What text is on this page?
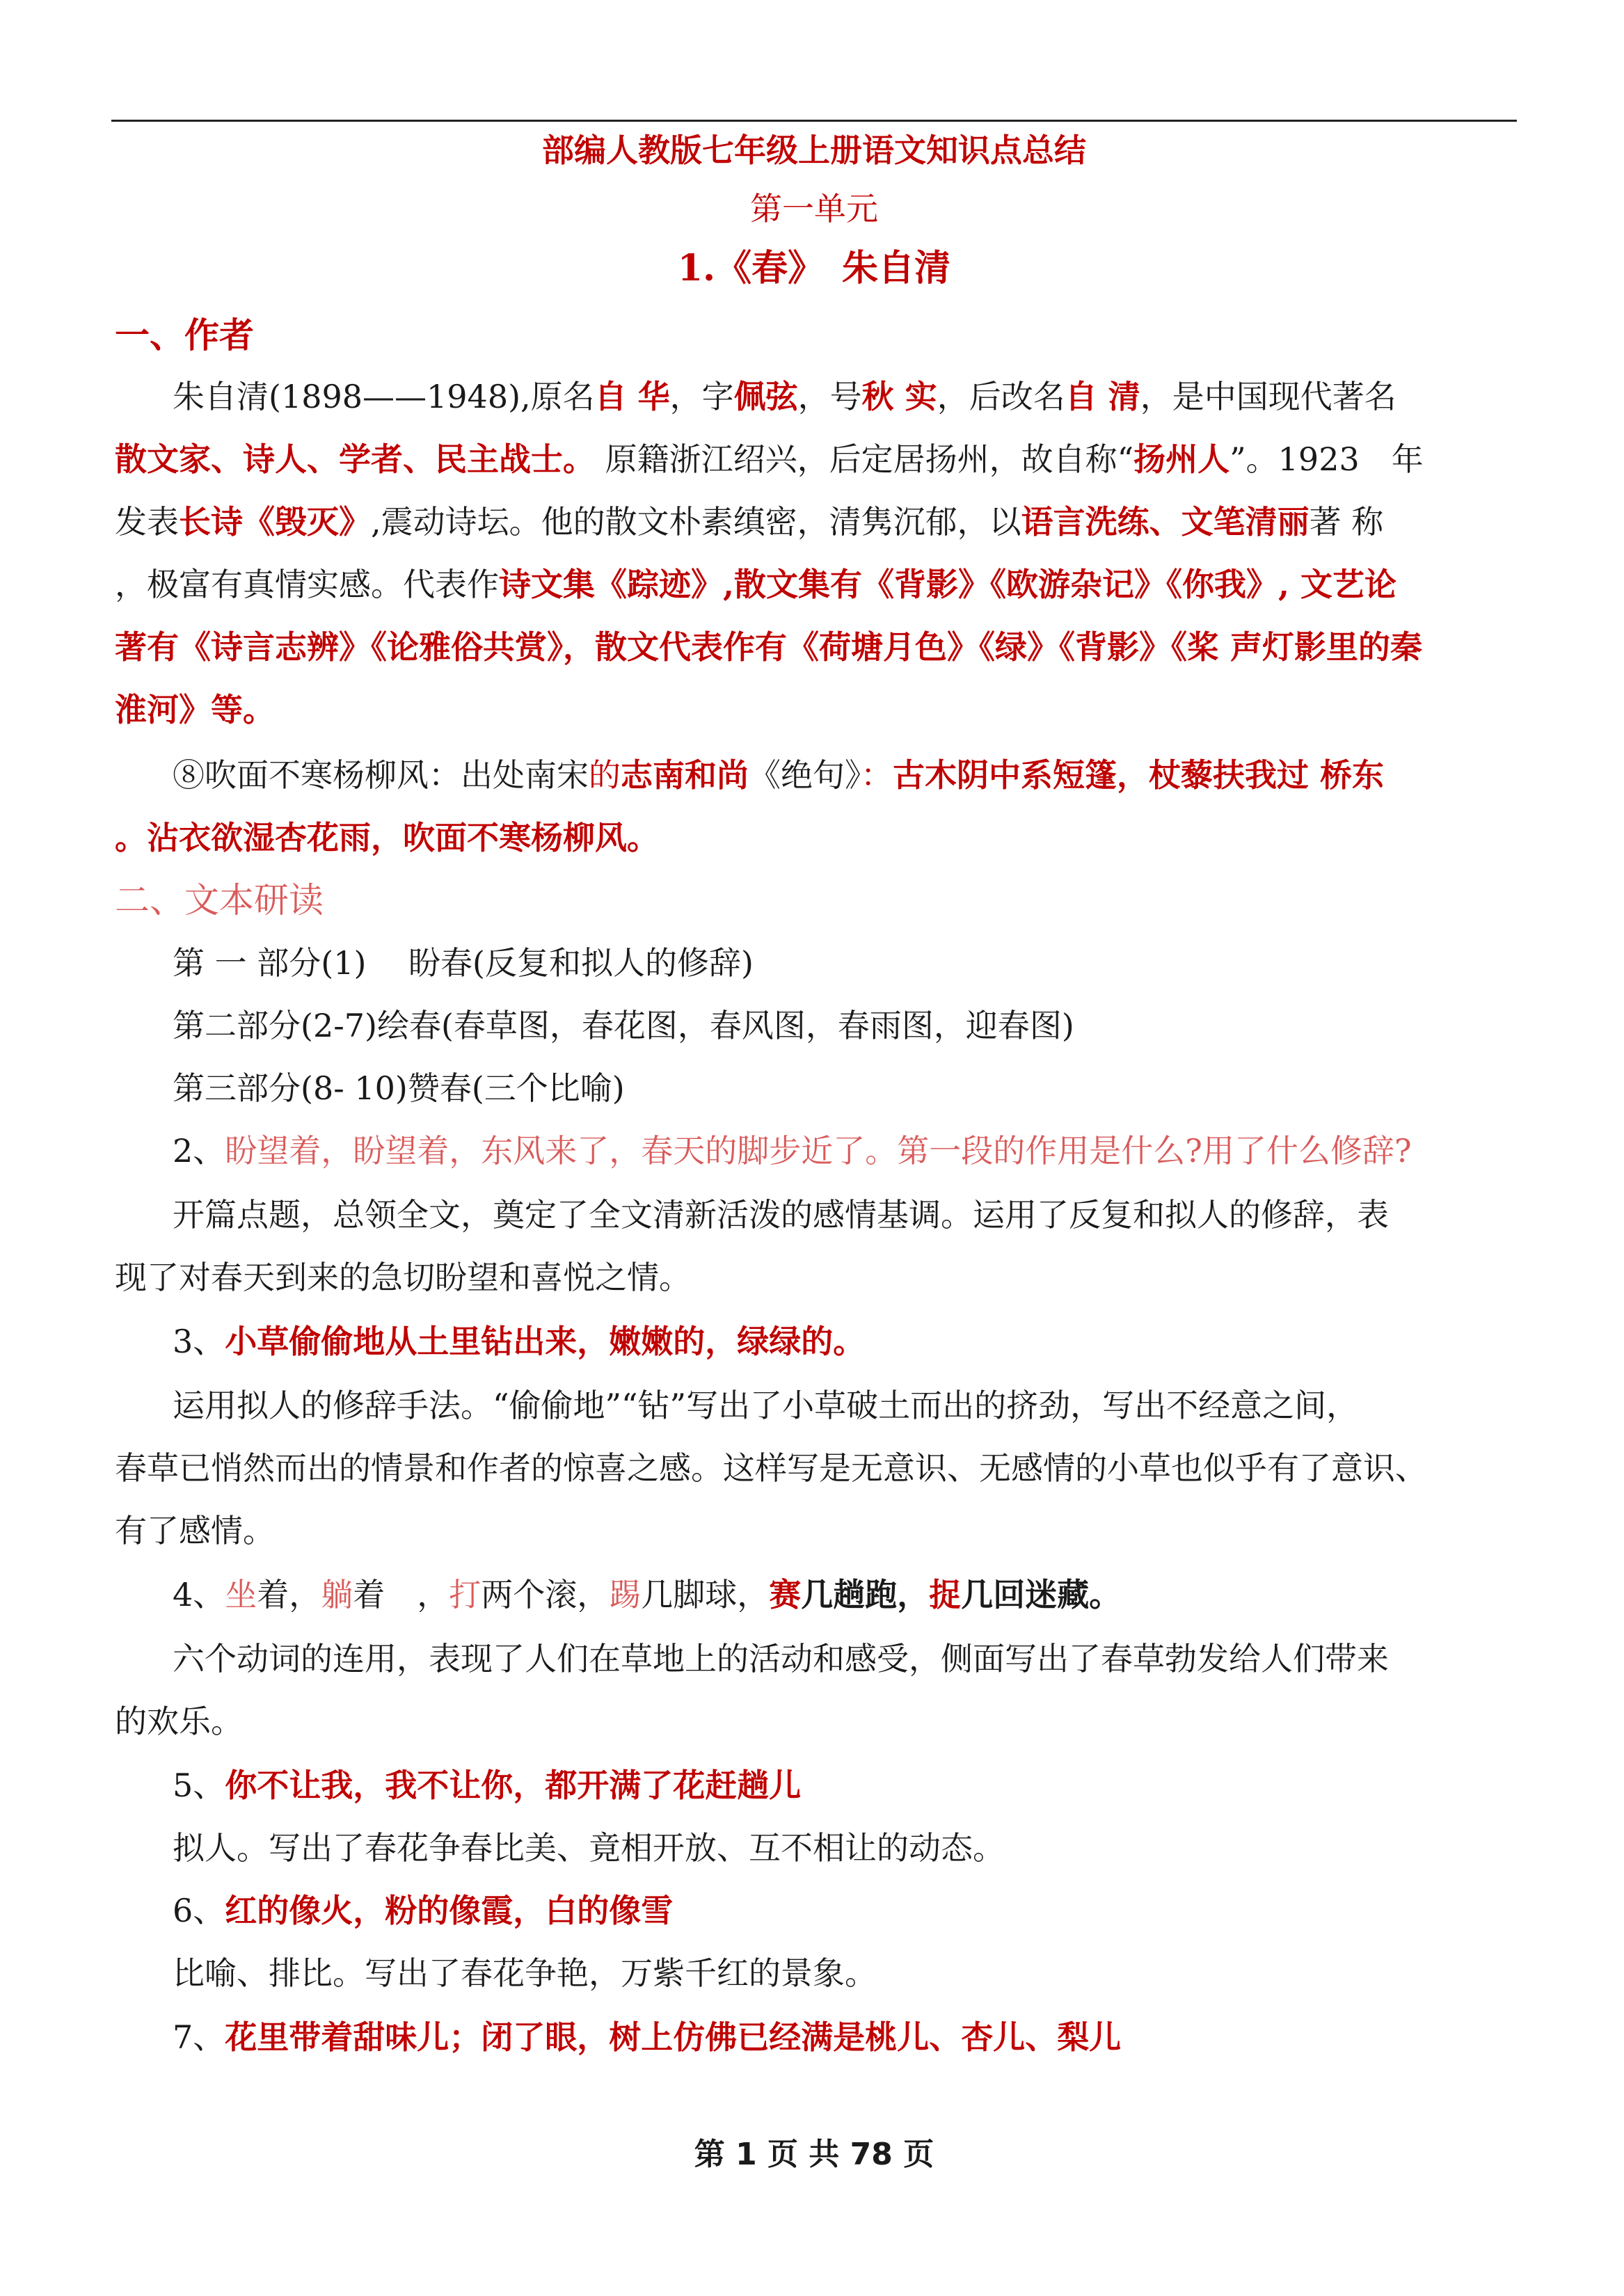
部编人教版七年级上册语文知识点总结
第一单元
1.《春》　朱自清
一、作者
朱自清(1898——1948),原名自 华，字佩弦，号秋 实，后改名自 清，是中国现代著名
散文家、诗人、学者、民主战士。 原籍浙江绍兴，后定居扬州，故自称“扬州人”。1923　年
发表长诗《毁灭》,震动诗坛。他的散文朴素缜密，清隽沉郁，以语言洗练、文笔清丽著 称
，极富有真情实感。代表作诗文集《踪迹》,散文集有《背影》《欧游杂记》《你我》, 文艺论
著有《诗言志辨》《论雅俗共赏》，散文代表作有《荷塘月色》《绿》《背影》《桨 声灯影里的秦
淮河》等。
⑧吹面不寒杨柳风：出处南宋的志南和尚《绝句》：古木阴中系短篷，杖藜扶我过 桥东
。沾衣欲湿杏花雨，吹面不寒杨柳风。
二、文本研读
第 一 部分(1)　 盼春(反复和拟人的修辞)
第二部分(2-7)绘春(春草图，春花图，春风图，春雨图，迎春图)
第三部分(8- 10)赞春(三个比喻)
2、盼望着，盼望着，东风来了，春天的脚步近了。第一段的作用是什么?用了什么修辞?
开篇点题，总领全文，奠定了全文清新活泼的感情基调。运用了反复和拟人的修辞，表
现了对春天到来的急切盼望和喜悦之情。
3、小草偷偷地从土里钻出来，嫩嫩的，绿绿的。
运用拟人的修辞手法。“偷偷地”“钻”写出了小草破土而出的挤劲，写出不经意之间，
春草已悄然而出的情景和作者的惊喜之感。这样写是无意识、无感情的小草也似乎有了意识、
有了感情。
4、坐着，躺着　，打两个滚，踢几脚球，赛几趟跑，捉几回迷藏。
六个动词的连用，表现了人们在草地上的活动和感受，侧面写出了春草勃发给人们带来
的欢乐。
5、你不让我，我不让你，都开满了花赶趟儿
拟人。写出了春花争春比美、竟相开放、互不相让的动态。
6、红的像火，粉的像霞，白的像雪
比喻、排比。写出了春花争艳，万紫千红的景象。
7、花里带着甜味儿；闭了眼，树上仿佛已经满是桃儿、杏儿、梨儿
第 1 页 共 78 页
